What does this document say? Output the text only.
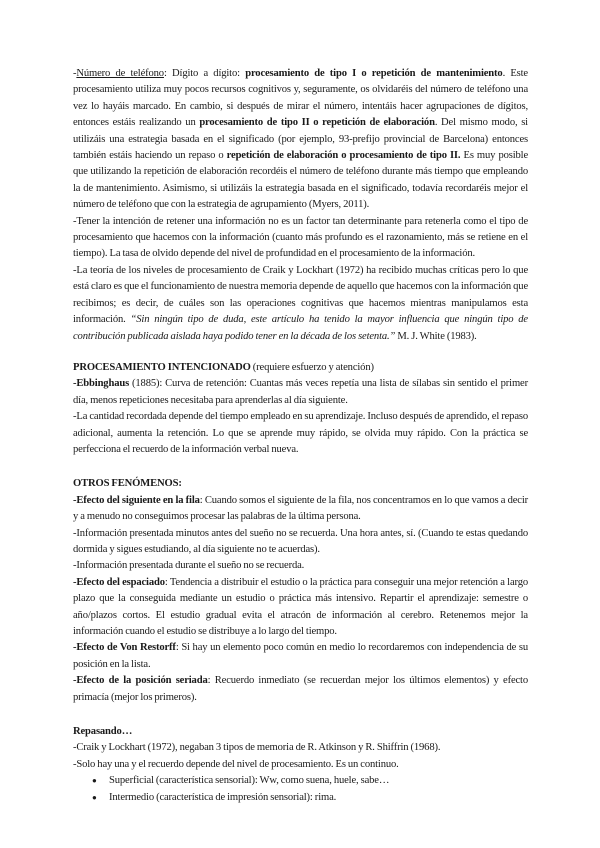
-Número de teléfono: Dígito a dígito: procesamiento de tipo I o repetición de mantenimiento. Este procesamiento utiliza muy pocos recursos cognitivos y, seguramente, os olvidaréis del número de teléfono una vez lo hayáis marcado. En cambio, si después de mirar el número, intentáis hacer agrupaciones de dígitos, entonces estáis realizando un procesamiento de tipo II o repetición de elaboración. Del mismo modo, si utilizáis una estrategia basada en el significado (por ejemplo, 93-prefijo provincial de Barcelona) entonces también estáis haciendo un repaso o repetición de elaboración o procesamiento de tipo II. Es muy posible que utilizando la repetición de elaboración recordéis el número de teléfono durante más tiempo que empleando la de mantenimiento. Asimismo, si utilizáis la estrategia basada en el significado, todavía recordaréis mejor el número de teléfono que con la estrategia de agrupamiento (Myers, 2011).

-Tener la intención de retener una información no es un factor tan determinante para retenerla como el tipo de procesamiento que hacemos con la información (cuanto más profundo es el razonamiento, más se retiene en el tiempo). La tasa de olvido depende del nivel de profundidad en el procesamiento de la información.

-La teoría de los niveles de procesamiento de Craik y Lockhart (1972) ha recibido muchas críticas pero lo que está claro es que el funcionamiento de nuestra memoria depende de aquello que hacemos con la información que recibimos; es decir, de cuáles son las operaciones cognitivas que hacemos mientras manipulamos esta información. “Sin ningún tipo de duda, este artículo ha tenido la mayor influencia que ningún tipo de contribución publicada aislada haya podido tener en la década de los setenta.” M. J. White (1983).

PROCESAMIENTO INTENCIONADO (requiere esfuerzo y atención)

-Ebbinghaus (1885): Curva de retención: Cuantas más veces repetía una lista de sílabas sin sentido el primer día, menos repeticiones necesitaba para aprenderlas al día siguiente.

-La cantidad recordada depende del tiempo empleado en su aprendizaje. Incluso después de aprendido, el repaso adicional, aumenta la retención. Lo que se aprende muy rápido, se olvida muy rápido. Con la práctica se perfecciona el recuerdo de la información verbal nueva.

OTROS FENÓMENOS:

-Efecto del siguiente en la fila: Cuando somos el siguiente de la fila, nos concentramos en lo que vamos a decir y a menudo no conseguimos procesar las palabras de la última persona.

-Información presentada minutos antes del sueño no se recuerda. Una hora antes, sí. (Cuando te estas quedando dormida y sigues estudiando, al día siguiente no te acuerdas).

-Información presentada durante el sueño no se recuerda.

-Efecto del espaciado: Tendencia a distribuir el estudio o la práctica para conseguir una mejor retención a largo plazo que la conseguida mediante un estudio o práctica más intensivo. Repartir el aprendizaje: semestre o año/plazos cortos. El estudio gradual evita el atracón de información al cerebro. Retenemos mejor la información cuando el estudio se distribuye a lo largo del tiempo.

-Efecto de Von Restorff: Si hay un elemento poco común en medio lo recordaremos con independencia de su posición en la lista.

-Efecto de la posición seriada: Recuerdo inmediato (se recuerdan mejor los últimos elementos) y efecto primacía (mejor los primeros).

Repasando…

-Craik y Lockhart (1972), negaban 3 tipos de memoria de R. Atkinson y R. Shiffrin (1968).

-Solo hay una y el recuerdo depende del nivel de procesamiento. Es un continuo.

● Superficial (característica sensorial): Ww, como suena, huele, sabe…
● Intermedio (característica de impresión sensorial): rima.
